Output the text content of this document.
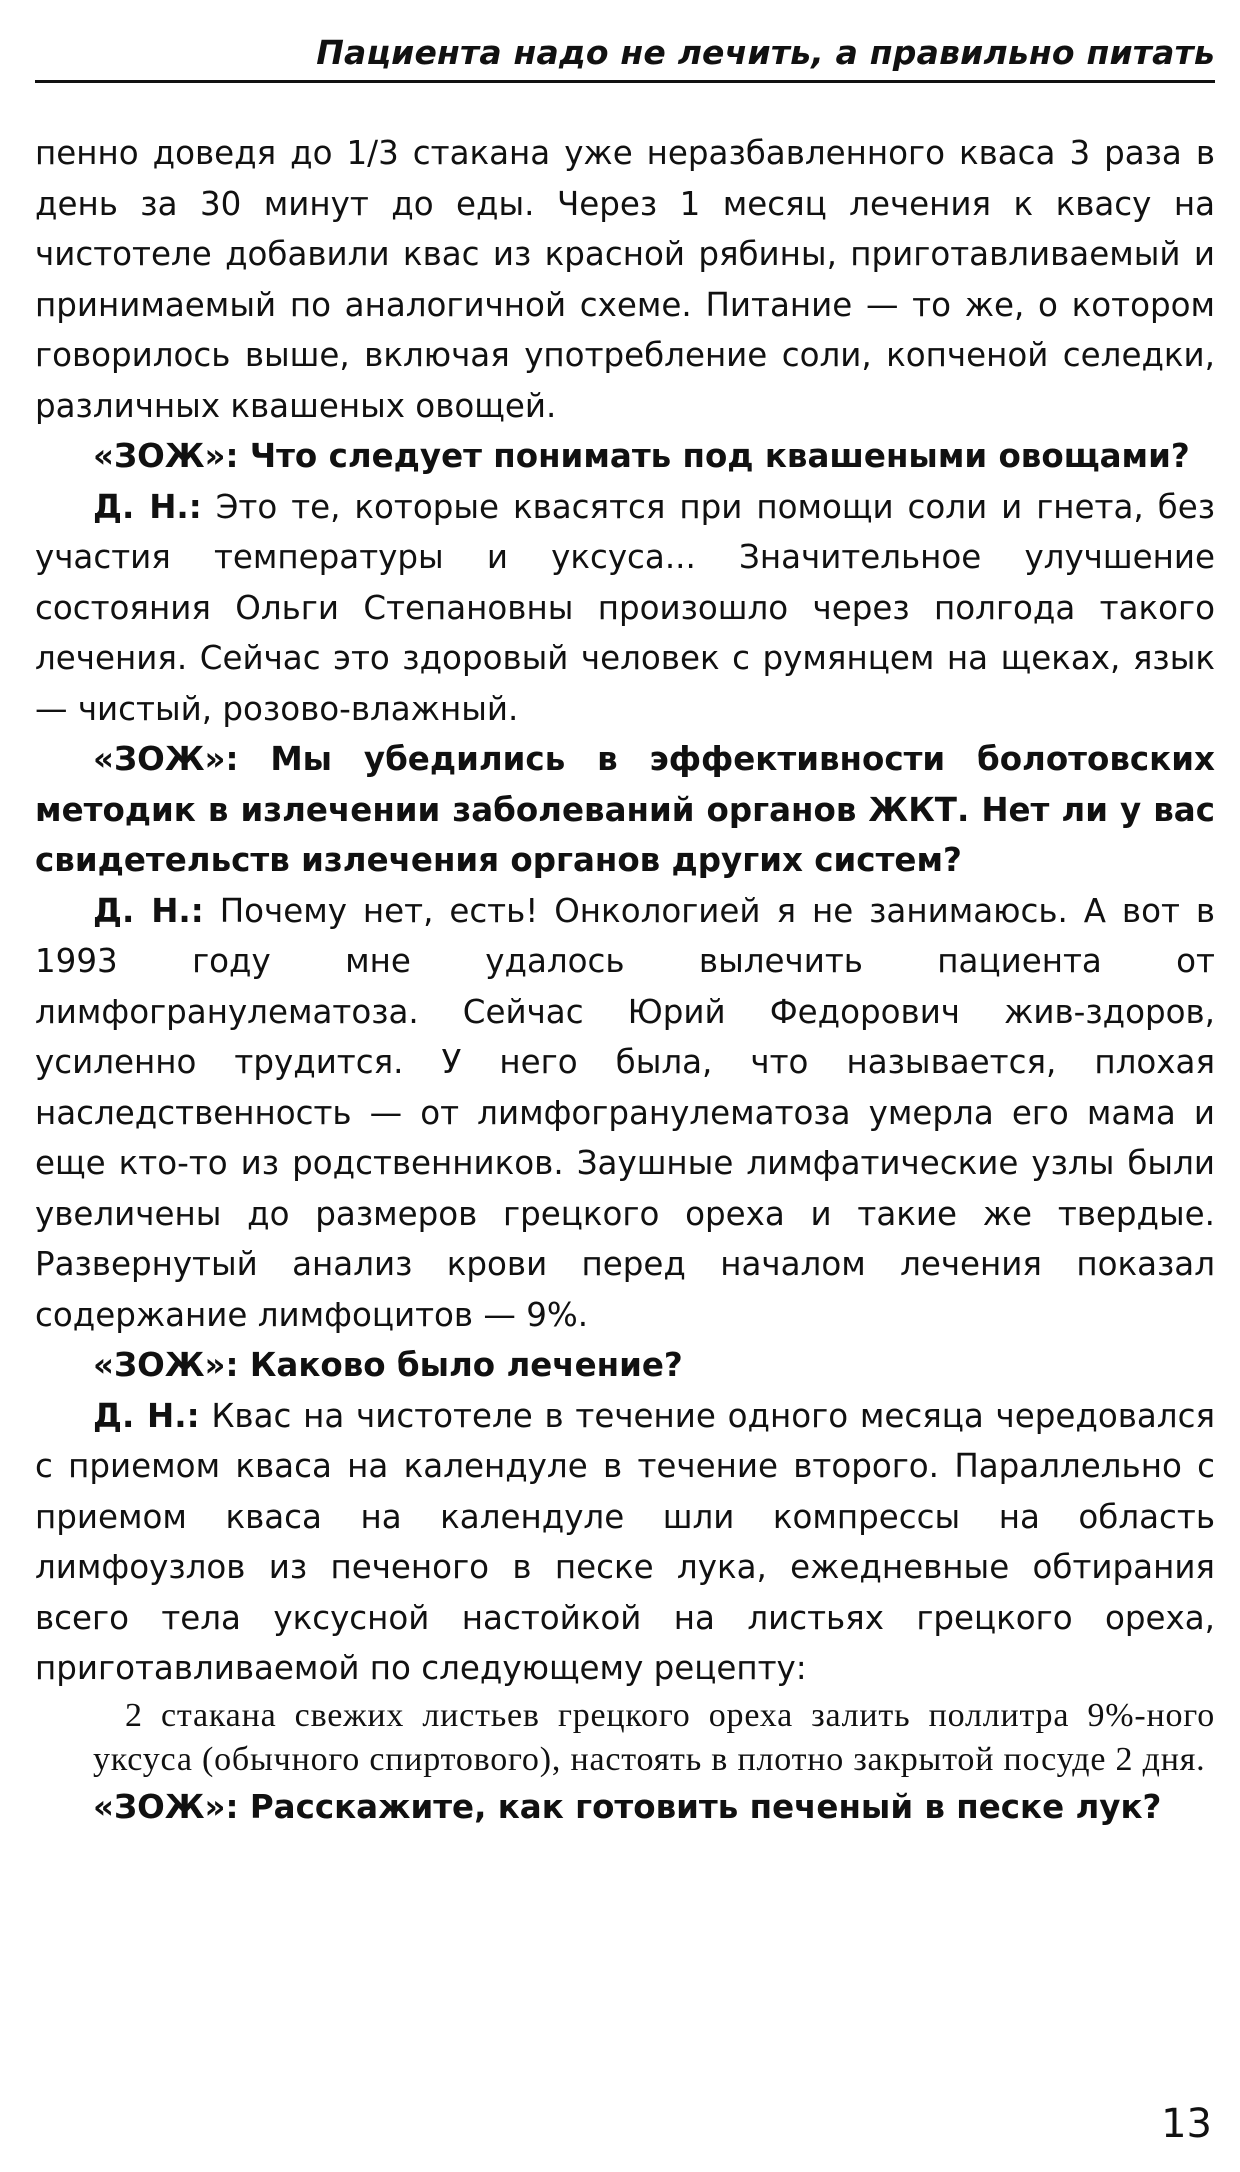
Пациента надо не лечить, а правильно питать

пенно доведя до 1/3 стакана уже неразбавленного кваса 3 раза в день за 30 минут до еды. Через 1 месяц лечения к квасу на чистотеле добавили квас из красной рябины, приготавливаемый и принимаемый по аналогичной схеме. Питание — то же, о котором говорилось выше, включая употребление соли, копченой селедки, различных квашеных овощей.

«ЗОЖ»: Что следует понимать под квашеными овощами?

Д. Н.: Это те, которые квасятся при помощи соли и гнета, без участия температуры и уксуса... Значительное улучшение состояния Ольги Степановны произошло через полгода такого лечения. Сейчас это здоровый человек с румянцем на щеках, язык — чистый, розово-влажный.

«ЗОЖ»: Мы убедились в эффективности болотовских методик в излечении заболеваний органов ЖКТ. Нет ли у вас свидетельств излечения органов других систем?

Д. Н.: Почему нет, есть! Онкологией я не занимаюсь. А вот в 1993 году мне удалось вылечить пациента от лимфогранулематоза. Сейчас Юрий Федорович жив-здоров, усиленно трудится. У него была, что называется, плохая наследственность — от лимфогранулематоза умерла его мама и еще кто-то из родственников. Заушные лимфатические узлы были увеличены до размеров грецкого ореха и такие же твердые. Развернутый анализ крови перед началом лечения показал содержание лимфоцитов — 9%.

«ЗОЖ»: Каково было лечение?

Д. Н.: Квас на чистотеле в течение одного месяца чередовался с приемом кваса на календуле в течение второго. Параллельно с приемом кваса на календуле шли компрессы на область лимфоузлов из печеного в песке лука, ежедневные обтирания всего тела уксусной настойкой на листьях грецкого ореха, приготавливаемой по следующему рецепту:

2 стакана свежих листьев грецкого ореха залить поллитра 9%-ного уксуса (обычного спиртового), настоять в плотно закрытой посуде 2 дня.

«ЗОЖ»: Расскажите, как готовить печеный в песке лук?

13
